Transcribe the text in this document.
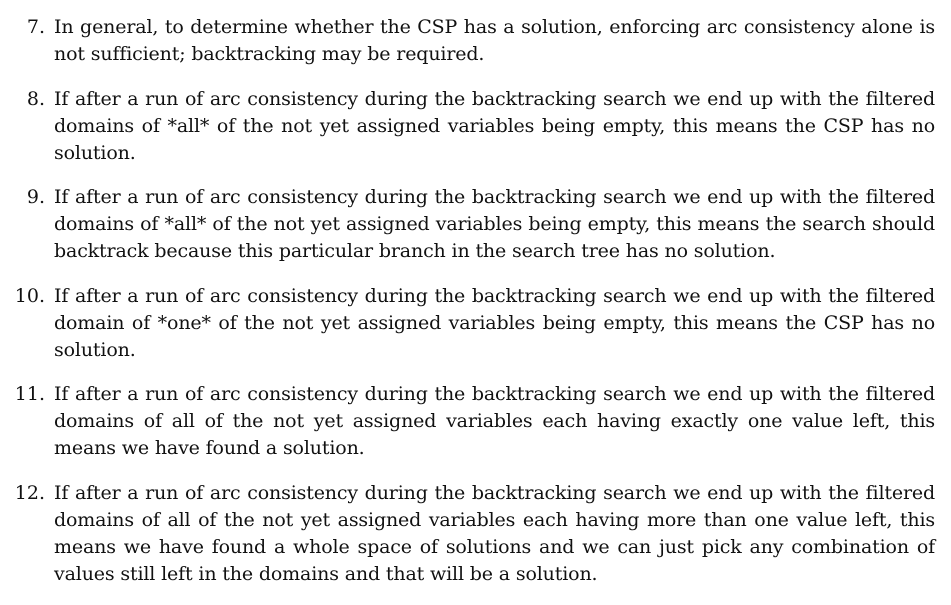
7. In general, to determine whether the CSP has a solution, enforcing arc consistency alone is not sufficient; backtracking may be required.
8. If after a run of arc consistency during the backtracking search we end up with the filtered domains of *all* of the not yet assigned variables being empty, this means the CSP has no solution.
9. If after a run of arc consistency during the backtracking search we end up with the filtered domains of *all* of the not yet assigned variables being empty, this means the search should backtrack because this particular branch in the search tree has no solution.
10. If after a run of arc consistency during the backtracking search we end up with the filtered domain of *one* of the not yet assigned variables being empty, this means the CSP has no solution.
11. If after a run of arc consistency during the backtracking search we end up with the filtered domains of all of the not yet assigned variables each having exactly one value left, this means we have found a solution.
12. If after a run of arc consistency during the backtracking search we end up with the filtered domains of all of the not yet assigned variables each having more than one value left, this means we have found a whole space of solutions and we can just pick any combination of values still left in the domains and that will be a solution.
